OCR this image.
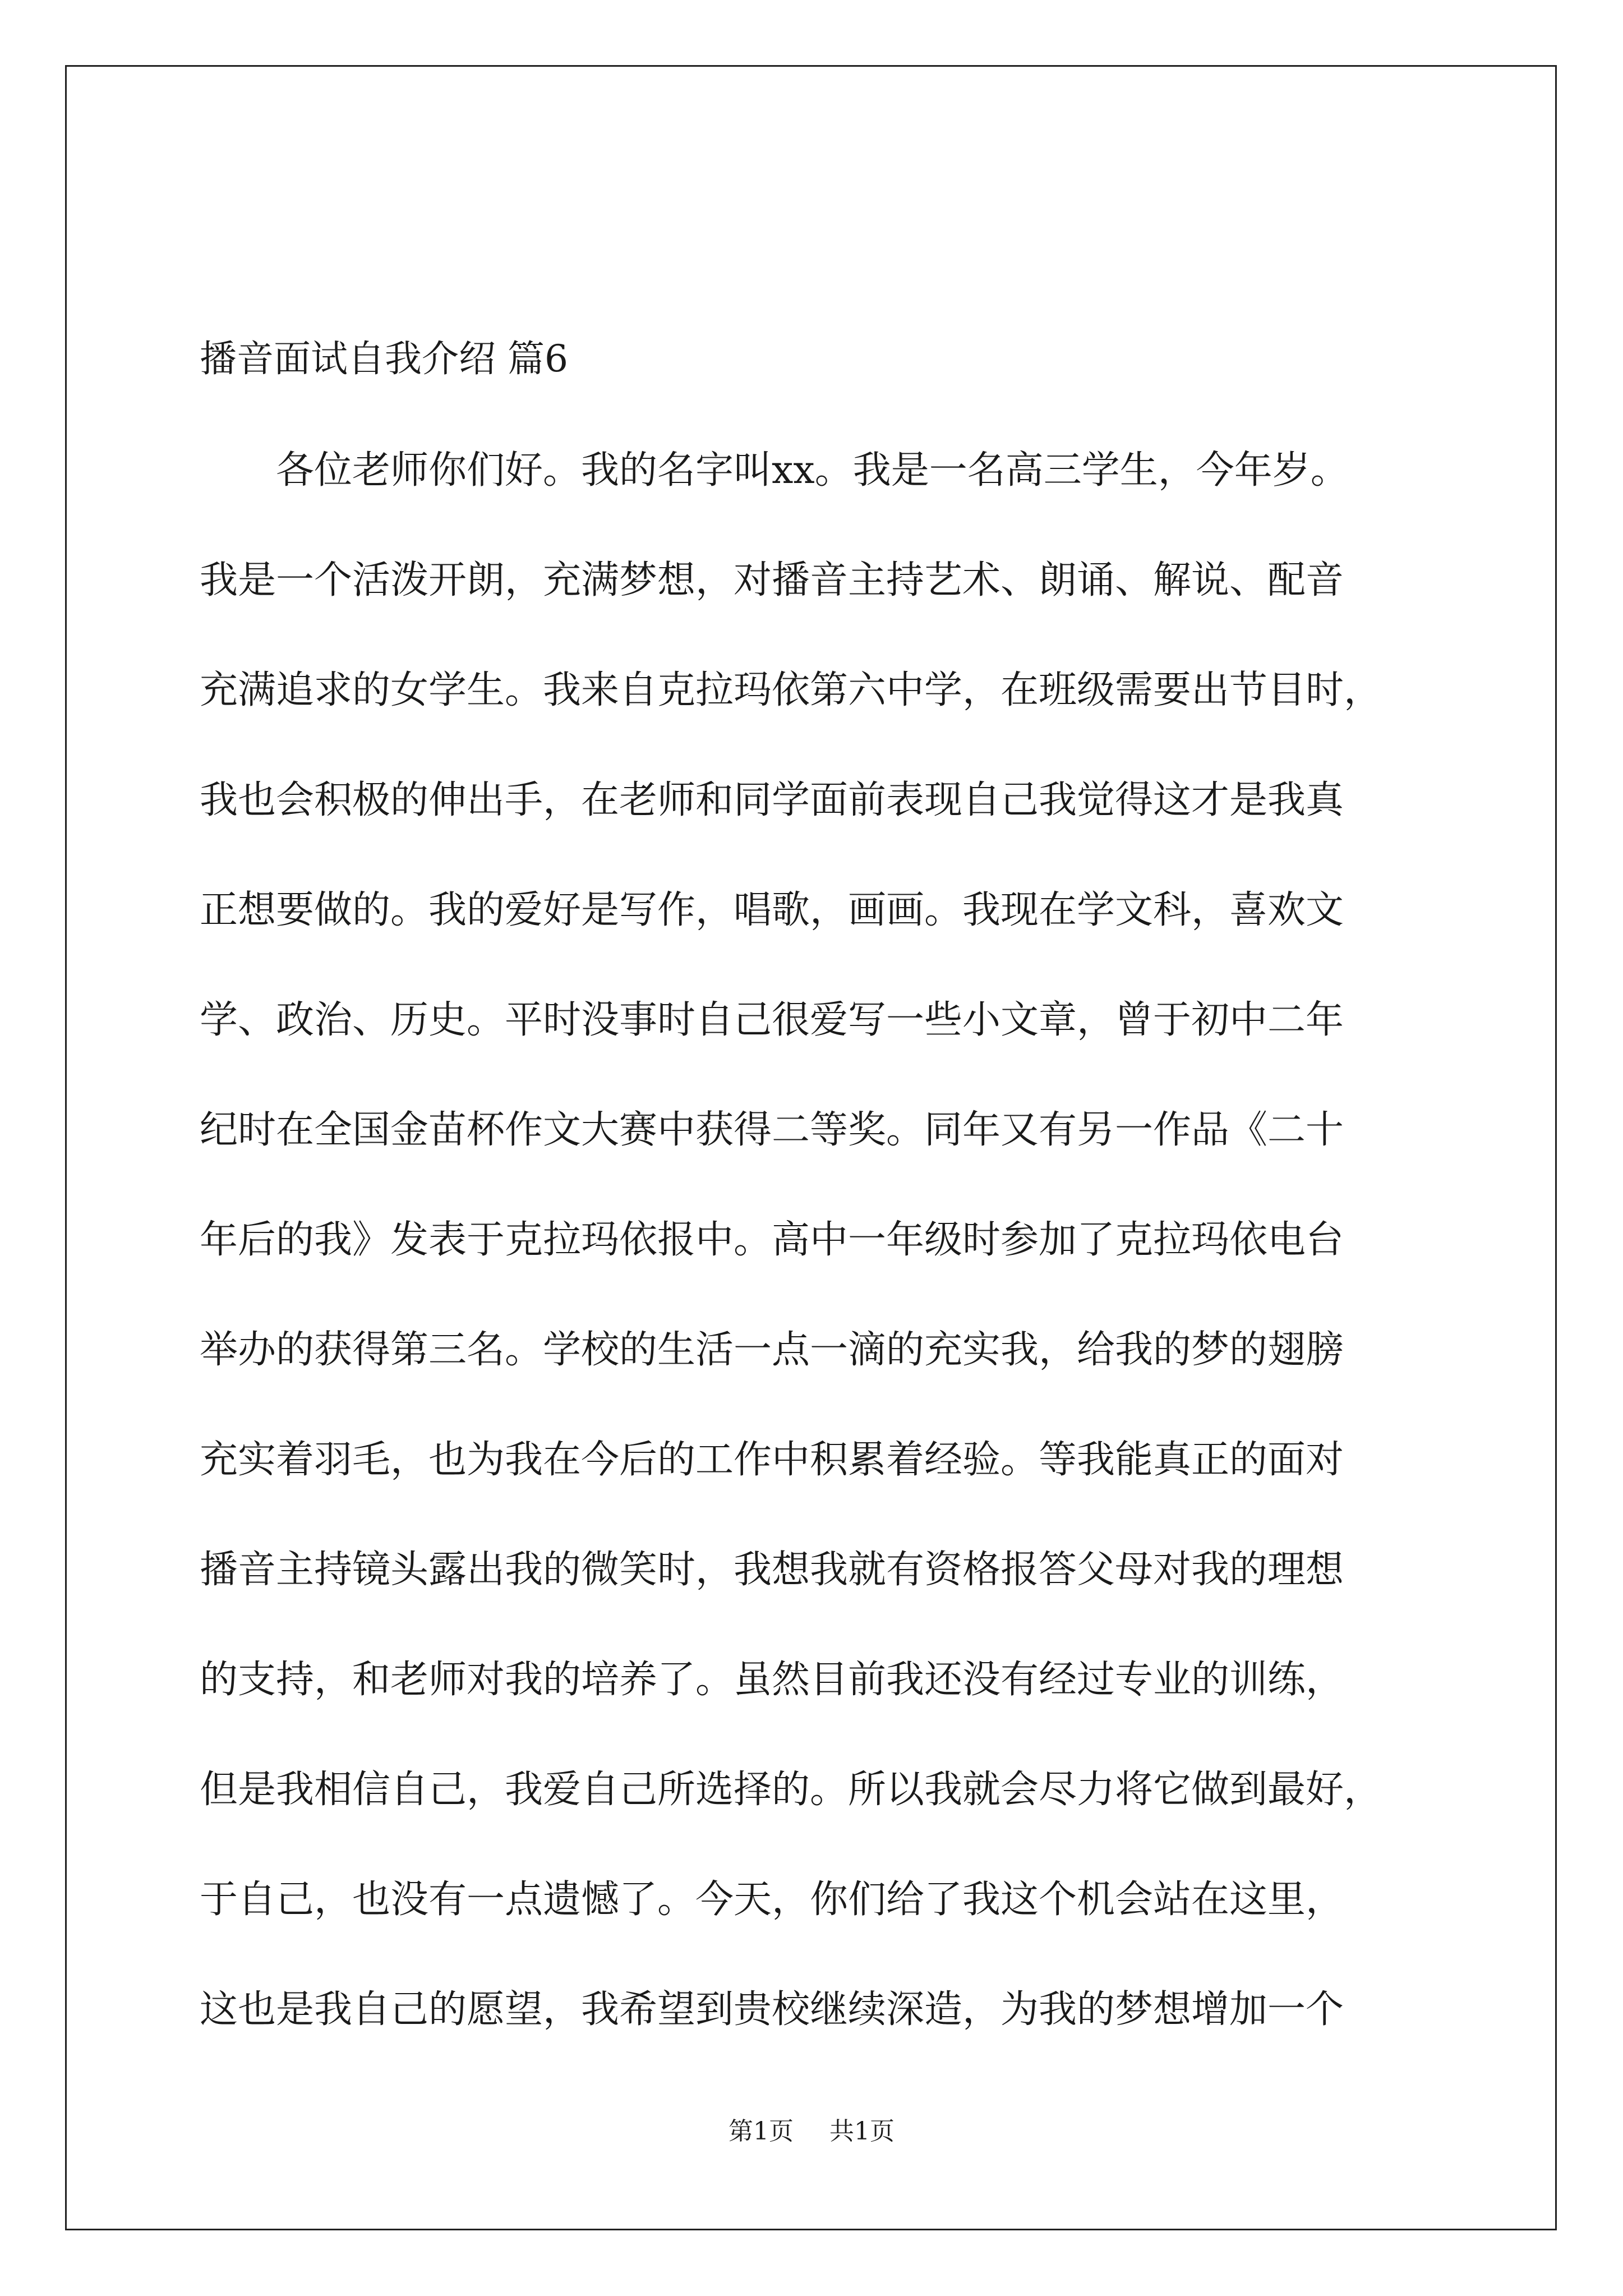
播音面试自我介绍 篇6
各位老师你们好。我的名字叫xx。我是一名高三学生，今年岁。
我是一个活泼开朗，充满梦想，对播音主持艺术、朗诵、解说、配音
充满追求的女学生。我来自克拉玛依第六中学，在班级需要出节目时，
我也会积极的伸出手，在老师和同学面前表现自己我觉得这才是我真
正想要做的。我的爱好是写作，唱歌，画画。我现在学文科，喜欢文
学、政治、历史。平时没事时自己很爱写一些小文章，曾于初中二年
纪时在全国金苗杯作文大赛中获得二等奖。同年又有另一作品《二十
年后的我》发表于克拉玛依报中。高中一年级时参加了克拉玛依电台
举办的获得第三名。学校的生活一点一滴的充实我，给我的梦的翅膀
充实着羽毛，也为我在今后的工作中积累着经验。等我能真正的面对
播音主持镜头露出我的微笑时，我想我就有资格报答父母对我的理想
的支持，和老师对我的培养了。虽然目前我还没有经过专业的训练，
但是我相信自己，我爱自己所选择的。所以我就会尽力将它做到最好，
于自己，也没有一点遗憾了。今天，你们给了我这个机会站在这里，
这也是我自己的愿望，我希望到贵校继续深造，为我的梦想增加一个
第1页 共1页
